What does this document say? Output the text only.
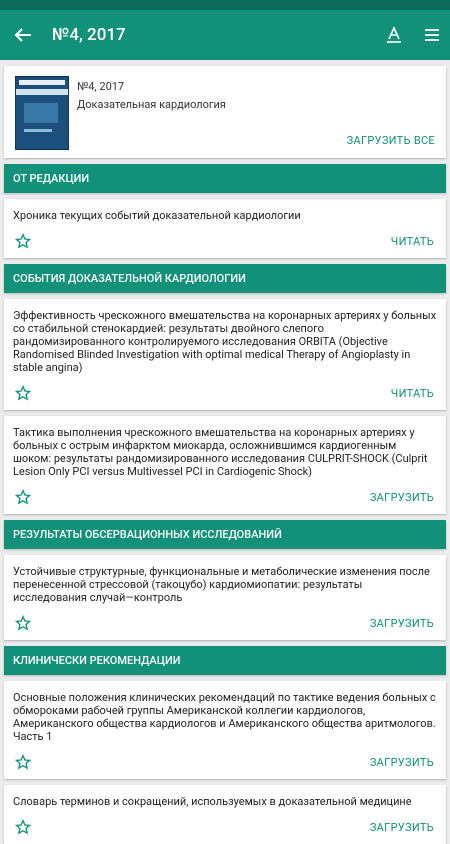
№4, 2017
№4, 2017
Доказательная кардиология
ЗАГРУЗИТЬ ВСЕ
ОТ РЕДАКЦИИ
Хроника текущих событий доказательной кардиологии
ЧИТАТЬ
СОБЫТИЯ ДОКАЗАТЕЛЬНОЙ КАРДИОЛОГИИ
Эффективность чрескожного вмешательства на коронарных артериях у больных со стабильной стенокардией: результаты двойного слепого рандомизированного контролируемого исследования ORBITA (Objective Randomised Blinded Investigation with optimal medical Therapy of Angioplasty in stable angina)
ЧИТАТЬ
Тактика выполнения чрескожного вмешательства на коронарных артериях у больных с острым инфарктом миокарда, осложнившимся кардиогенным шоком: результаты рандомизированного исследования CULPRIT-SHOCK (Culprit Lesion Only PCI versus Multivessel PCI in Cardiogenic Shock)
ЗАГРУЗИТЬ
РЕЗУЛЬТАТЫ ОБСЕРВАЦИОННЫХ ИССЛЕДОВАНИЙ
Устойчивые структурные, функциональные и метаболические изменения после перенесенной стрессовой (такоцубо) кардиомиопатии: результаты исследования случай—контроль
ЗАГРУЗИТЬ
КЛИНИЧЕСКИ РЕКОМЕНДАЦИИ
Основные положения клинических рекомендаций по тактике ведения больных с обмороками рабочей группы Американской коллегии кардиологов, Американского общества кардиологов и Американского общества аритмологов. Часть 1
ЗАГРУЗИТЬ
Словарь терминов и сокращений, используемых в доказательной медицине
ЗАГРУЗИТЬ
